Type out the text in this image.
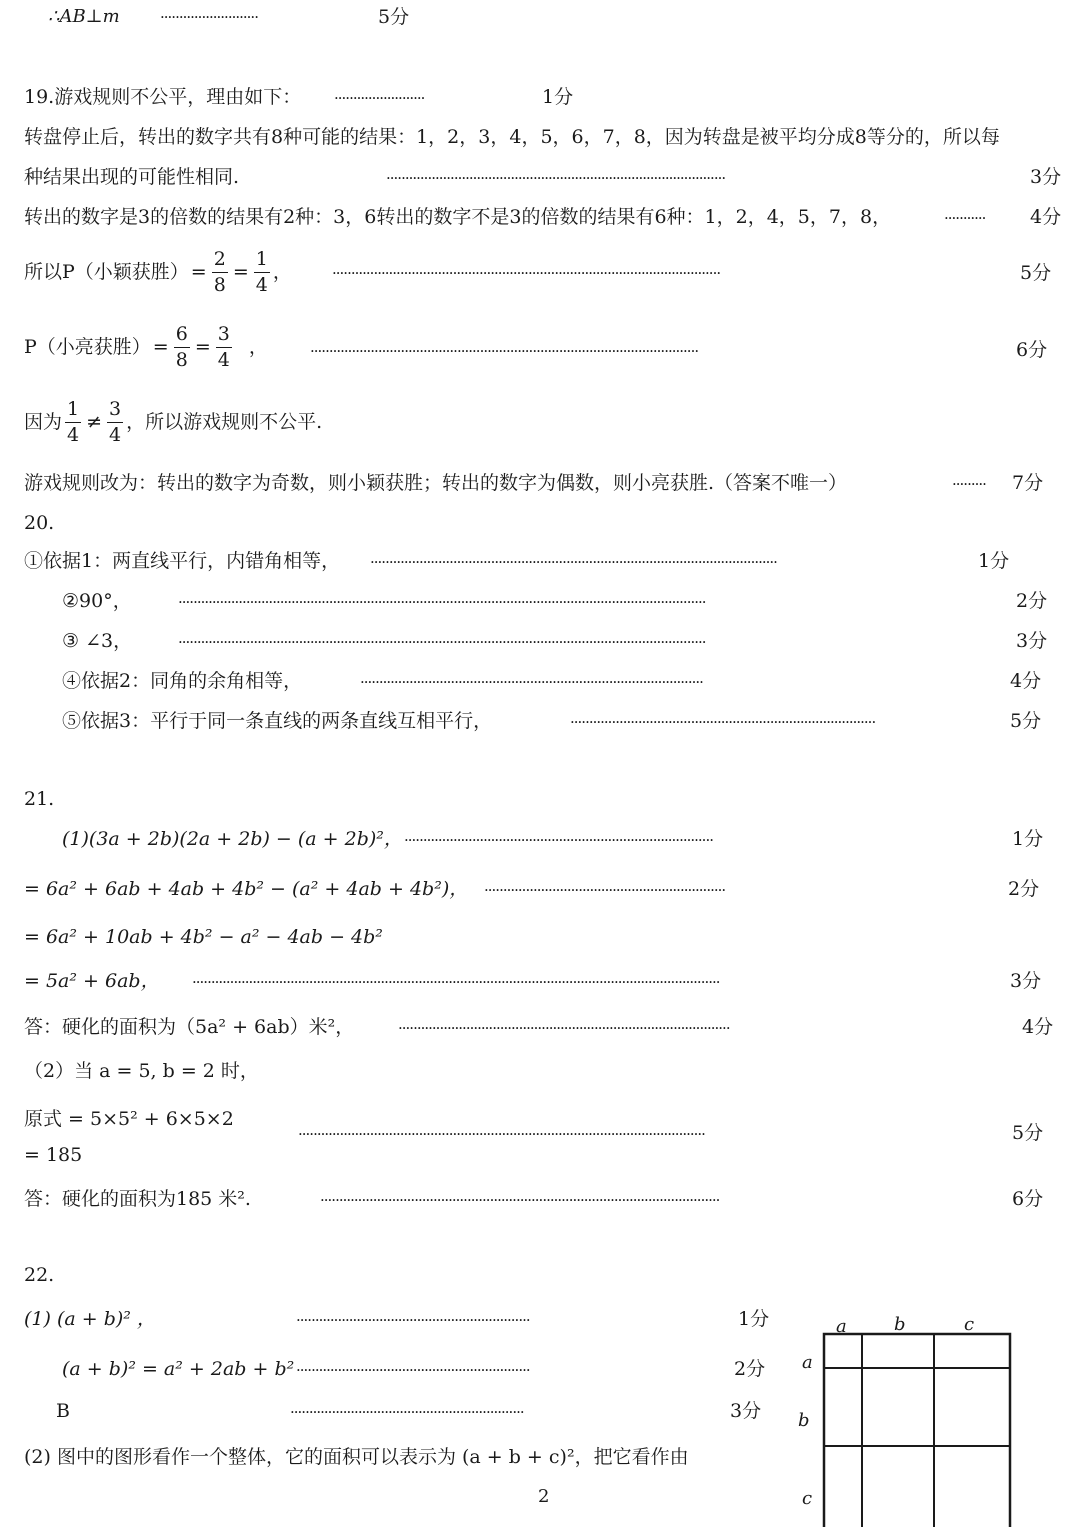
∴AB⊥m	··························	5分
19.游戏规则不公平，理由如下： ························	1分
转盘停止后，转出的数字共有8种可能的结果：1，2，3，4，5，6，7，8，因为转盘是被平均分成8等分的，所以每
种结果出现的可能性相同.	··························································································	3分
转出的数字是3的倍数的结果有2种：3，6转出的数字不是3的倍数的结果有6种：1，2，4，5，7，8，	··········· 4分
所以P（小颖获胜） = $\frac{2}{8} = \frac{1}{4}$ ，	·······································································································	5分
P（小亮获胜） = $\frac{6}{8} = \frac{3}{4}$ ，	·······································································································	6分
因为 $\frac{1}{4} \ne \frac{3}{4}$ ，所以游戏规则不公平.
游戏规则改为：转出的数字为奇数，则小颖获胜；转出的数字为偶数，则小亮获胜.（答案不唯一）	········· 7分
20.
①依据1：两直线平行，内错角相等， ············································································································	1分
②90°，	············································································································································	2分
③ ∠3，	············································································································································	3分
④依据2：同角的余角相等，	···························································································	4分
⑤依据3：平行于同一条直线的两条直线互相平行，	·················································································	5分
21.
(1)(3a + 2b)(2a + 2b) − (a + 2b)²， ··················································································	1分
= 6a² + 6ab + 4ab + 4b² − (a² + 4ab + 4b²)， ································································	2分
= 6a² + 10ab + 4b² − a² − 4ab − 4b²
= 5a² + 6ab， ············································································································································	3分
答：硬化的面积为（5a² + 6ab）米²，	························································································	4分
（2）当 a = 5, b = 2 时，
原式 = 5×5² + 6×5×2
= 185
············································································································	5分
答：硬化的面积为185 米².	··········································································································	6分
22.
(1) (a + b)² ，	······························································	1分
(a + b)² = a² + 2ab + b² ······························································	2分
B	······························································	3分
(2) 图中的图形看作一个整体，它的面积可以表示为 (a + b + c)²，把它看作由
a	b	c
a
b
c
2
